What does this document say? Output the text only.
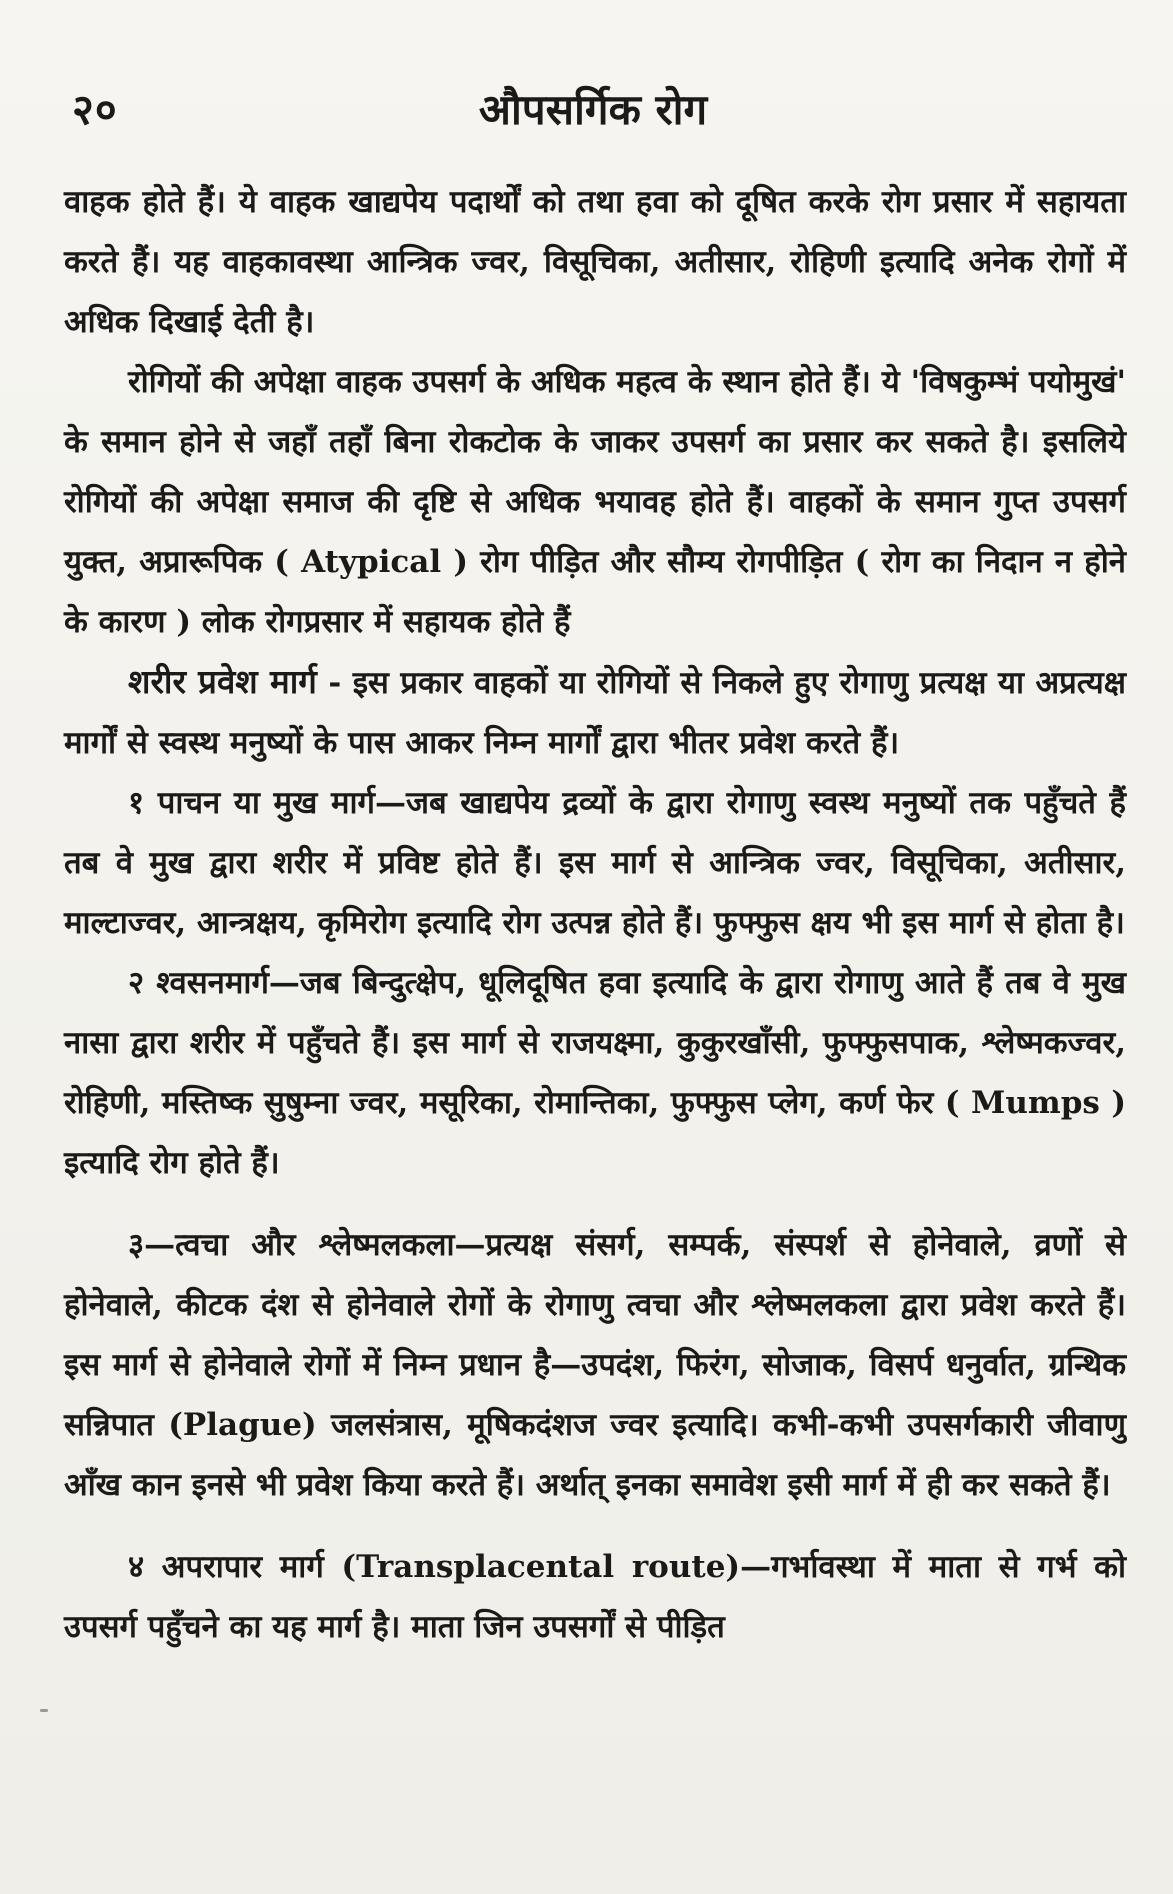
२०	औपसर्गिक रोग

वाहक होते हैं। ये वाहक खाद्यपेय पदार्थों को तथा हवा को दूषित करके रोग प्रसार में सहायता करते हैं। यह वाहकावस्था आन्त्रिक ज्वर, विसूचिका, अतीसार, रोहिणी इत्यादि अनेक रोगों में अधिक दिखाई देती है।

रोगियों की अपेक्षा वाहक उपसर्ग के अधिक महत्व के स्थान होते हैं। ये 'विषकुम्भं पयोमुखं' के समान होने से जहाँ तहाँ बिना रोकटोक के जाकर उपसर्ग का प्रसार कर सकते है। इसलिये रोगियों की अपेक्षा समाज की दृष्टि से अधिक भयावह होते हैं। वाहकों के समान गुप्त उपसर्ग युक्त, अप्रारूपिक ( Atypical ) रोग पीड़ित और सौम्य रोगपीड़ित ( रोग का निदान न होने के कारण ) लोक रोगप्रसार में सहायक होते हैं

शरीर प्रवेश मार्ग - इस प्रकार वाहकों या रोगियों से निकले हुए रोगाणु प्रत्यक्ष या अप्रत्यक्ष मार्गों से स्वस्थ मनुष्यों के पास आकर निम्न मार्गों द्वारा भीतर प्रवेश करते हैं।

१ पाचन या मुख मार्ग—जब खाद्यपेय द्रव्यों के द्वारा रोगाणु स्वस्थ मनुष्यों तक पहुँचते हैं तब वे मुख द्वारा शरीर में प्रविष्ट होते हैं। इस मार्ग से आन्त्रिक ज्वर, विसूचिका, अतीसार, माल्टाज्वर, आन्त्रक्षय, कृमिरोग इत्यादि रोग उत्पन्न होते हैं। फुफ्फुस क्षय भी इस मार्ग से होता है।

२ श्वसनमार्ग—जब बिन्दुत्क्षेप, धूलिदूषित हवा इत्यादि के द्वारा रोगाणु आते हैं तब वे मुख नासा द्वारा शरीर में पहुँचते हैं। इस मार्ग से राजयक्ष्मा, कुकुरखाँसी, फुफ्फुसपाक, श्लेष्मकज्वर, रोहिणी, मस्तिष्क सुषुम्ना ज्वर, मसूरिका, रोमान्तिका, फुफ्फुस प्लेग, कर्ण फेर ( Mumps ) इत्यादि रोग होते हैं।

३—त्वचा और श्लेष्मलकला—प्रत्यक्ष संसर्ग, सम्पर्क, संस्पर्श से होनेवाले, व्रणों से होनेवाले, कीटक दंश से होनेवाले रोगों के रोगाणु त्वचा और श्लेष्मलकला द्वारा प्रवेश करते हैं। इस मार्ग से होनेवाले रोगों में निम्न प्रधान है—उपदंश, फिरंग, सोजाक, विसर्प धनुर्वात, ग्रन्थिक सन्निपात (Plague) जलसंत्रास, मूषिकदंशज ज्वर इत्यादि। कभी-कभी उपसर्गकारी जीवाणु आँख कान इनसे भी प्रवेश किया करते हैं। अर्थात् इनका समावेश इसी मार्ग में ही कर सकते हैं।

४ अपरापार मार्ग (Transplacental route)—गर्भावस्था में माता से गर्भ को उपसर्ग पहुँचने का यह मार्ग है। माता जिन उपसर्गों से पीड़ित
